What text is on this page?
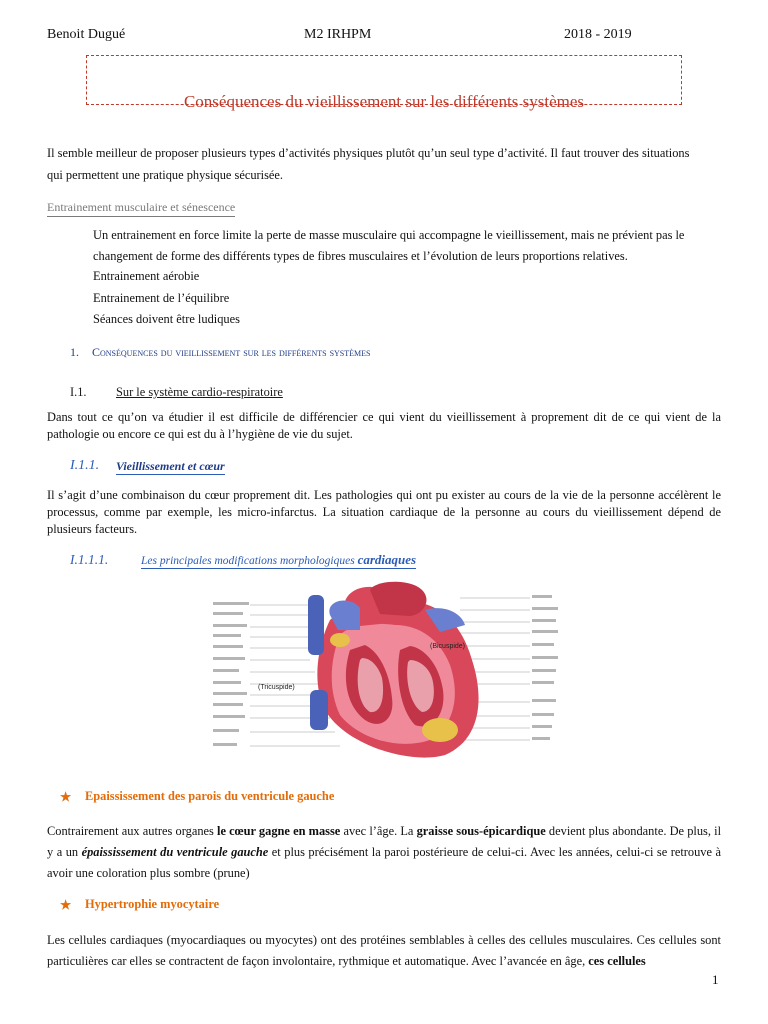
Benoit Dugué	M2 IRHPM	2018 - 2019
Conséquences du vieillissement sur les différents systèmes
Il semble meilleur de proposer plusieurs types d’activités physiques plutôt qu’un seul type d’activité. Il faut trouver des situations
qui permettent une pratique physique sécurisée.
Entrainement musculaire et sénescence
Un entrainement en force limite la perte de masse musculaire qui accompagne le vieillissement, mais ne prévient pas le
changement de forme des différents types de fibres musculaires et l’évolution de leurs proportions relatives.
Entrainement aérobie
Entrainement de l’équilibre
Séances doivent être ludiques
1. Conséquences du vieillissement sur les différents systèmes
I.1. Sur le système cardio-respiratoire
Dans tout ce qu’on va étudier il est difficile de différencier ce qui vient du vieillissement à proprement dit de ce qui vient de la pathologie ou encore ce qui est du à l’hygiène de vie du sujet.
I.1.1. Vieillissement et cœur
Il s’agit d’une combinaison du cœur proprement dit. Les pathologies qui ont pu exister au cours de la vie de la personne accélèrent le processus, comme par exemple, les micro-infarctus. La situation cardiaque de la personne au cours du vieillissement dépend de plusieurs facteurs.
I.1.1.1.	Les principales modifications morphologiques cardiaques
(Bicuspide)
(Tricuspide)
★ Epaississement des parois du ventricule gauche
Contrairement aux autres organes le cœur gagne en masse avec l’âge. La graisse sous-épicardique devient plus abondante. De plus, il y a un épaississement du ventricule gauche et plus précisément la paroi postérieure de celui-ci. Avec les années, celui-ci se retrouve à avoir une coloration plus sombre (prune)
★ Hypertrophie myocytaire
Les cellules cardiaques (myocardiaques ou myocytes) ont des protéines semblables à celles des cellules musculaires. Ces cellules sont particulières car elles se contractent de façon involontaire, rythmique et automatique. Avec l’avancée en âge, ces cellules
1
